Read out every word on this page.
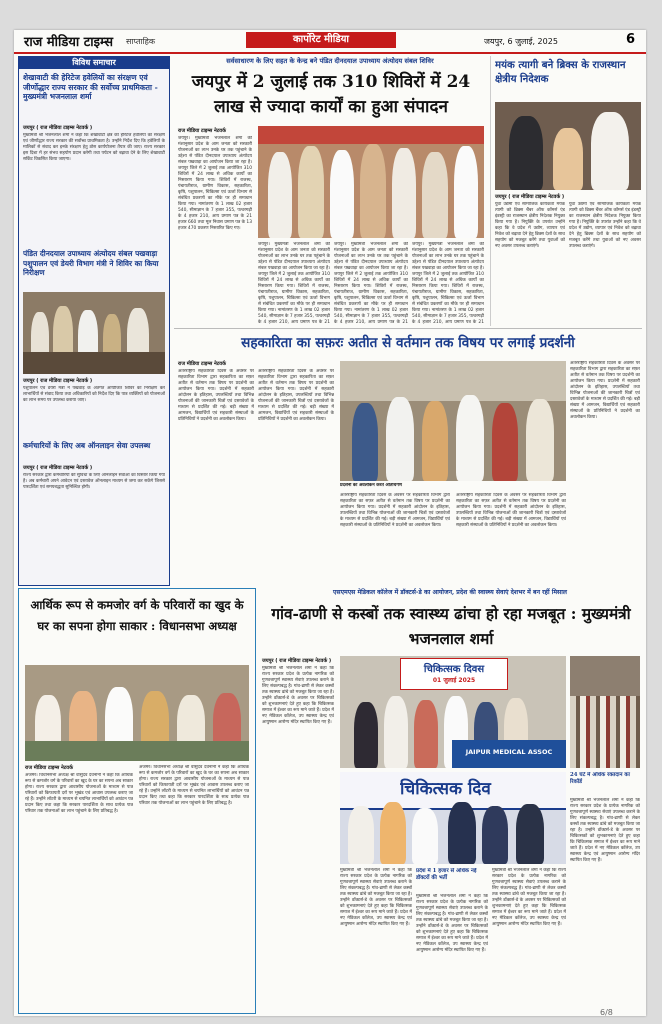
राज मीडिया टाइम्स साप्ताहिक	कार्पोरेट मीडिया	जयपुर, 6 जुलाई, 2025	6
विविध समाचार
शेखावाटी की हेरिटेज हवेलियों का संरक्षण एवं जीर्णोद्धार राज्य सरकार की सर्वोच्च प्राथमिकता - मुख्यमंत्री भजनलाल शर्मा
जयपुर ( राज मीडिया टाइम्स नेटवर्क )
मुख्यमंत्री श्री भजनलाल शर्मा ने कहा कि शेखावाटी क्षेत्र की हेरिटेज हवेलियों का संरक्षण एवं जीर्णोद्धार राज्य सरकार की सर्वोच्च प्राथमिकता है। उन्होंने निर्देश दिए कि हवेलियों के मालिकों से संवाद कर इनके संरक्षण हेतु ठोस कार्ययोजना तैयार की जाए। राज्य सरकार इस दिशा में हर संभव सहयोग प्रदान करेगी तथा पर्यटन को बढ़ावा देने के लिए शेखावाटी सर्किट विकसित किया जाएगा।
पंडित दीनदयाल उपाध्याय अंत्योदय संबल पखवाड़ा पशुपालन एवं डेयरी विभाग मंत्री ने शिविर का किया निरीक्षण
जयपुर ( राज मीडिया टाइम्स नेटवर्क )
पशुपालन एवं डेयरी मंत्री ने पखवाड़े के अंतर्गत आयोजित शिविर का निरीक्षण कर लाभार्थियों से संवाद किया तथा अधिकारियों को निर्देश दिए कि पात्र व्यक्तियों को योजनाओं का लाभ समय पर उपलब्ध कराया जाए।
कर्मचारियों के लिए अब ऑनलाइन सेवा उपलब्ध
जयपुर ( राज मीडिया टाइम्स नेटवर्क )
राज्य सरकार द्वारा कर्मचारियों की सुविधा के लिए ऑनलाइन सेवाओं का विस्तार किया गया है। अब कर्मचारी अपने आवेदन एवं दस्तावेज ऑनलाइन माध्यम से जमा कर सकेंगे जिससे पारदर्शिता एवं समयबद्धता सुनिश्चित होगी।
सर्वसाधारण के लिए सहत के केन्द्र बने पंडित दीनदयाल उपाध्याय अंत्योदय संबल शिविर
जयपुर में 2 जुलाई तक 310 शिविरों में 24 लाख से ज्यादा कार्यों का हुआ संपादन
राज मीडिया टाइम्स नेटवर्क
जयपुर। मुख्यमंत्री भजनलाल शर्मा की मंशानुसार प्रदेश के आम जनता को सरकारी योजनाओं का लाभ उनके घर तक पहुंचाने के उद्देश्य से पंडित दीनदयाल उपाध्याय अंत्योदय संबल पखवाड़ा का आयोजन किया जा रहा है। जयपुर जिले में 2 जुलाई तक आयोजित 310 शिविरों में 24 लाख से अधिक कार्यों का निस्तारण किया गया। शिविरों में राजस्व, पंचायतीराज, ग्रामीण विकास, सहकारिता, कृषि, पशुपालन, चिकित्सा एवं ऊर्जा विभाग से संबंधित प्रकरणों का मौके पर ही समाधान किया गया। नामांतरण के 1 लाख 02 हजार 540, सीमाज्ञान के 7 हजार 355, पत्थरगढ़ी के 4 हजार 210, आय प्रमाण पत्र के 21 हजार 660 तथा मूल निवास प्रमाण पत्र के 13 हजार 470 प्रकरण निस्तारित किए गए।
जयपुर। मुख्यमंत्री भजनलाल शर्मा की मंशानुसार प्रदेश के आम जनता को सरकारी योजनाओं का लाभ उनके घर तक पहुंचाने के उद्देश्य से पंडित दीनदयाल उपाध्याय अंत्योदय संबल पखवाड़ा का आयोजन किया जा रहा है। जयपुर जिले में 2 जुलाई तक आयोजित 310 शिविरों में 24 लाख से अधिक कार्यों का निस्तारण किया गया। शिविरों में राजस्व, पंचायतीराज, ग्रामीण विकास, सहकारिता, कृषि, पशुपालन, चिकित्सा एवं ऊर्जा विभाग से संबंधित प्रकरणों का मौके पर ही समाधान किया गया। नामांतरण के 1 लाख 02 हजार 540, सीमाज्ञान के 7 हजार 355, पत्थरगढ़ी के 4 हजार 210, आय प्रमाण पत्र के 21
जयपुर। मुख्यमंत्री भजनलाल शर्मा की मंशानुसार प्रदेश के आम जनता को सरकारी योजनाओं का लाभ उनके घर तक पहुंचाने के उद्देश्य से पंडित दीनदयाल उपाध्याय अंत्योदय संबल पखवाड़ा का आयोजन किया जा रहा है। जयपुर जिले में 2 जुलाई तक आयोजित 310 शिविरों में 24 लाख से अधिक कार्यों का निस्तारण किया गया। शिविरों में राजस्व, पंचायतीराज, ग्रामीण विकास, सहकारिता, कृषि, पशुपालन, चिकित्सा एवं ऊर्जा विभाग से संबंधित प्रकरणों का मौके पर ही समाधान किया गया। नामांतरण के 1 लाख 02 हजार 540, सीमाज्ञान के 7 हजार 355, पत्थरगढ़ी के 4 हजार 210, आय प्रमाण पत्र के 21
जयपुर। मुख्यमंत्री भजनलाल शर्मा की मंशानुसार प्रदेश के आम जनता को सरकारी योजनाओं का लाभ उनके घर तक पहुंचाने के उद्देश्य से पंडित दीनदयाल उपाध्याय अंत्योदय संबल पखवाड़ा का आयोजन किया जा रहा है। जयपुर जिले में 2 जुलाई तक आयोजित 310 शिविरों में 24 लाख से अधिक कार्यों का निस्तारण किया गया। शिविरों में राजस्व, पंचायतीराज, ग्रामीण विकास, सहकारिता, कृषि, पशुपालन, चिकित्सा एवं ऊर्जा विभाग से संबंधित प्रकरणों का मौके पर ही समाधान किया गया। नामांतरण के 1 लाख 02 हजार 540, सीमाज्ञान के 7 हजार 355, पत्थरगढ़ी के 4 हजार 210, आय प्रमाण पत्र के 21
मयंक त्यागी बने ब्रिक्स के राजस्थान क्षेत्रीय निदेशक
जयपुर ( राज मीडिया टाइम्स नेटवर्क )
युवा उद्यमी एवं सामाजिक कार्यकर्ता मयंक त्यागी को ब्रिक्स चैंबर ऑफ कॉमर्स एंड इंडस्ट्री का राजस्थान क्षेत्रीय निदेशक नियुक्त किया गया है। नियुक्ति के उपरांत उन्होंने कहा कि वे प्रदेश में उद्योग, व्यापार एवं निवेश को बढ़ावा देने हेतु ब्रिक्स देशों के साथ सहयोग को मजबूत करेंगे तथा युवाओं को नए अवसर उपलब्ध कराएंगे।
युवा उद्यमी एवं सामाजिक कार्यकर्ता मयंक त्यागी को ब्रिक्स चैंबर ऑफ कॉमर्स एंड इंडस्ट्री का राजस्थान क्षेत्रीय निदेशक नियुक्त किया गया है। नियुक्ति के उपरांत उन्होंने कहा कि वे प्रदेश में उद्योग, व्यापार एवं निवेश को बढ़ावा देने हेतु ब्रिक्स देशों के साथ सहयोग को मजबूत करेंगे तथा युवाओं को नए अवसर उपलब्ध कराएंगे।
सहकारिता का सफ़रः अतीत से वर्तमान तक विषय पर लगाई प्रदर्शनी
राज मीडिया टाइम्स नेटवर्क
अंतरराष्ट्रीय सहकारिता दिवस के अवसर पर सहकारिता विभाग द्वारा सहकारिता का सफ़र अतीत से वर्तमान तक विषय पर प्रदर्शनी का आयोजन किया गया। प्रदर्शनी में सहकारी आंदोलन के इतिहास, उपलब्धियों तथा विभिन्न योजनाओं की जानकारी चित्रों एवं दस्तावेजों के माध्यम से प्रदर्शित की गई। बड़ी संख्या में आमजन, विद्यार्थियों एवं सहकारी संस्थाओं के प्रतिनिधियों ने प्रदर्शनी का अवलोकन किया।
अंतरराष्ट्रीय सहकारिता दिवस के अवसर पर सहकारिता विभाग द्वारा सहकारिता का सफ़र अतीत से वर्तमान तक विषय पर प्रदर्शनी का आयोजन किया गया। प्रदर्शनी में सहकारी आंदोलन के इतिहास, उपलब्धियों तथा विभिन्न योजनाओं की जानकारी चित्रों एवं दस्तावेजों के माध्यम से प्रदर्शित की गई। बड़ी संख्या में आमजन, विद्यार्थियों एवं सहकारी संस्थाओं के प्रतिनिधियों ने प्रदर्शनी का अवलोकन किया।
प्रदर्शनी का अवलोकन करते अतिथिगण
अंतरराष्ट्रीय सहकारिता दिवस के अवसर पर सहकारिता विभाग द्वारा सहकारिता का सफ़र अतीत से वर्तमान तक विषय पर प्रदर्शनी का आयोजन किया गया। प्रदर्शनी में सहकारी आंदोलन के इतिहास, उपलब्धियों तथा विभिन्न योजनाओं की जानकारी चित्रों एवं दस्तावेजों के माध्यम से प्रदर्शित की गई। बड़ी संख्या में आमजन, विद्यार्थियों एवं सहकारी संस्थाओं के प्रतिनिधियों ने प्रदर्शनी का अवलोकन किया।
अंतरराष्ट्रीय सहकारिता दिवस के अवसर पर सहकारिता विभाग द्वारा सहकारिता का सफ़र अतीत से वर्तमान तक विषय पर प्रदर्शनी का आयोजन किया गया। प्रदर्शनी में सहकारी आंदोलन के इतिहास, उपलब्धियों तथा विभिन्न योजनाओं की जानकारी चित्रों एवं दस्तावेजों के माध्यम से प्रदर्शित की गई। बड़ी संख्या में आमजन, विद्यार्थियों एवं सहकारी संस्थाओं के प्रतिनिधियों ने प्रदर्शनी का अवलोकन किया।
अंतरराष्ट्रीय सहकारिता दिवस के अवसर पर सहकारिता विभाग द्वारा सहकारिता का सफ़र अतीत से वर्तमान तक विषय पर प्रदर्शनी का आयोजन किया गया। प्रदर्शनी में सहकारी आंदोलन के इतिहास, उपलब्धियों तथा विभिन्न योजनाओं की जानकारी चित्रों एवं दस्तावेजों के माध्यम से प्रदर्शित की गई। बड़ी संख्या में आमजन, विद्यार्थियों एवं सहकारी संस्थाओं के प्रतिनिधियों ने प्रदर्शनी का अवलोकन किया।
आर्थिक रूप से कमजोर वर्ग के परिवारों का खुद के घर का सपना होगा साकार : विधानसभा अध्यक्ष
राज मीडिया टाइम्स नेटवर्क
अजमेर। विधानसभा अध्यक्ष श्री वासुदेव देवनानी ने कहा कि आर्थिक रूप से कमजोर वर्ग के परिवारों का खुद के घर का सपना अब साकार होगा। राज्य सरकार द्वारा आवासीय योजनाओं के माध्यम से पात्र परिवारों को किफायती दरों पर भूखंड एवं आवास उपलब्ध कराए जा रहे हैं। उन्होंने लॉटरी के माध्यम से चयनित लाभार्थियों को आवंटन पत्र प्रदान किए तथा कहा कि सरकार पारदर्शिता के साथ प्रत्येक पात्र परिवार तक योजनाओं का लाभ पहुंचाने के लिए प्रतिबद्ध है।
अजमेर। विधानसभा अध्यक्ष श्री वासुदेव देवनानी ने कहा कि आर्थिक रूप से कमजोर वर्ग के परिवारों का खुद के घर का सपना अब साकार होगा। राज्य सरकार द्वारा आवासीय योजनाओं के माध्यम से पात्र परिवारों को किफायती दरों पर भूखंड एवं आवास उपलब्ध कराए जा रहे हैं। उन्होंने लॉटरी के माध्यम से चयनित लाभार्थियों को आवंटन पत्र प्रदान किए तथा कहा कि सरकार पारदर्शिता के साथ प्रत्येक पात्र परिवार तक योजनाओं का लाभ पहुंचाने के लिए प्रतिबद्ध है।
एसएमएस मेडिकल कॉलेज में डॉक्टर्स-डे का आयोजन, प्रदेश की स्वास्थ्य सेवाएं देशभर में बन रहीं मिसाल
गांव-ढाणी से कस्बों तक स्वास्थ्य ढांचा हो रहा मजबूत : मुख्यमंत्री भजनलाल शर्मा
जयपुर ( राज मीडिया टाइम्स नेटवर्क )
मुख्यमंत्री श्री भजनलाल शर्मा ने कहा कि राज्य सरकार प्रदेश के प्रत्येक नागरिक को गुणवत्तापूर्ण स्वास्थ्य सेवाएं उपलब्ध कराने के लिए संकल्पबद्ध है। गांव-ढाणी से लेकर कस्बों तक स्वास्थ्य ढांचे को मजबूत किया जा रहा है। उन्होंने डॉक्टर्स-डे के अवसर पर चिकित्सकों को शुभकामनाएं देते हुए कहा कि चिकित्सक समाज में ईश्वर का रूप माने जाते हैं। प्रदेश में नए मेडिकल कॉलेज, उप स्वास्थ्य केन्द्र एवं आयुष्मान आरोग्य मंदिर स्थापित किए गए हैं।
चिकित्सक दिवस
01 जुलाई 2025
JAIPUR MEDICAL ASSOC
चिकित्सक दिव
मुख्यमंत्री श्री भजनलाल शर्मा ने कहा कि राज्य सरकार प्रदेश के प्रत्येक नागरिक को गुणवत्तापूर्ण स्वास्थ्य सेवाएं उपलब्ध कराने के लिए संकल्पबद्ध है। गांव-ढाणी से लेकर कस्बों तक स्वास्थ्य ढांचे को मजबूत किया जा रहा है। उन्होंने डॉक्टर्स-डे के अवसर पर चिकित्सकों को शुभकामनाएं देते हुए कहा कि चिकित्सक समाज में ईश्वर का रूप माने जाते हैं। प्रदेश में नए मेडिकल कॉलेज, उप स्वास्थ्य केन्द्र एवं आयुष्मान आरोग्य मंदिर स्थापित किए गए हैं।
प्रदेश में 1 हजार से अधिक नई डॉक्टरों की भर्ती
मुख्यमंत्री श्री भजनलाल शर्मा ने कहा कि राज्य सरकार प्रदेश के प्रत्येक नागरिक को गुणवत्तापूर्ण स्वास्थ्य सेवाएं उपलब्ध कराने के लिए संकल्पबद्ध है। गांव-ढाणी से लेकर कस्बों तक स्वास्थ्य ढांचे को मजबूत किया जा रहा है। उन्होंने डॉक्टर्स-डे के अवसर पर चिकित्सकों को शुभकामनाएं देते हुए कहा कि चिकित्सक समाज में ईश्वर का रूप माने जाते हैं। प्रदेश में नए मेडिकल कॉलेज, उप स्वास्थ्य केन्द्र एवं आयुष्मान आरोग्य मंदिर स्थापित किए गए हैं।
मुख्यमंत्री श्री भजनलाल शर्मा ने कहा कि राज्य सरकार प्रदेश के प्रत्येक नागरिक को गुणवत्तापूर्ण स्वास्थ्य सेवाएं उपलब्ध कराने के लिए संकल्पबद्ध है। गांव-ढाणी से लेकर कस्बों तक स्वास्थ्य ढांचे को मजबूत किया जा रहा है। उन्होंने डॉक्टर्स-डे के अवसर पर चिकित्सकों को शुभकामनाएं देते हुए कहा कि चिकित्सक समाज में ईश्वर का रूप माने जाते हैं। प्रदेश में नए मेडिकल कॉलेज, उप स्वास्थ्य केन्द्र एवं आयुष्मान आरोग्य मंदिर स्थापित किए गए हैं।
24 घंटे में अधिक रक्तदान का रिकॉर्ड
मुख्यमंत्री श्री भजनलाल शर्मा ने कहा कि राज्य सरकार प्रदेश के प्रत्येक नागरिक को गुणवत्तापूर्ण स्वास्थ्य सेवाएं उपलब्ध कराने के लिए संकल्पबद्ध है। गांव-ढाणी से लेकर कस्बों तक स्वास्थ्य ढांचे को मजबूत किया जा रहा है। उन्होंने डॉक्टर्स-डे के अवसर पर चिकित्सकों को शुभकामनाएं देते हुए कहा कि चिकित्सक समाज में ईश्वर का रूप माने जाते हैं। प्रदेश में नए मेडिकल कॉलेज, उप स्वास्थ्य केन्द्र एवं आयुष्मान आरोग्य मंदिर स्थापित किए गए हैं।
6/8
